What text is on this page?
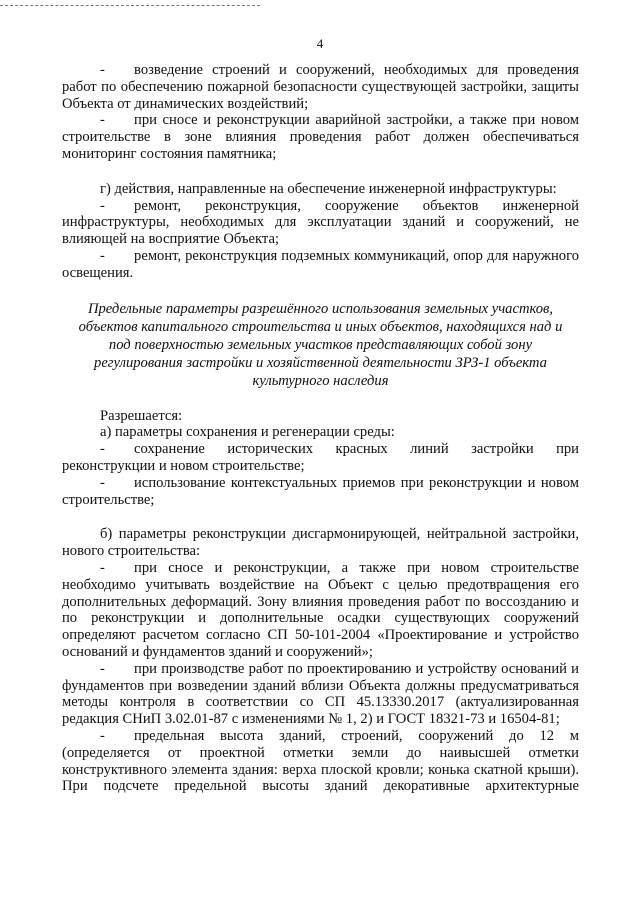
4

-  возведение строений и сооружений, необходимых для проведения работ по обеспечению пожарной безопасности существующей застройки, защиты Объекта от динамических воздействий;

-  при сносе и реконструкции аварийной застройки, а также при новом строительстве в зоне влияния проведения работ должен обеспечиваться мониторинг состояния памятника;

г) действия, направленные на обеспечение инженерной инфраструктуры:

-  ремонт, реконструкция, сооружение объектов инженерной инфраструктуры, необходимых для эксплуатации зданий и сооружений, не влияющей на восприятие Объекта;

-  ремонт, реконструкция подземных коммуникаций, опор для наружного освещения.

Предельные параметры разрешённого использования земельных участков, объектов капитального строительства и иных объектов, находящихся над и под поверхностью земельных участков представляющих собой зону регулирования застройки и хозяйственной деятельности ЗРЗ-1 объекта культурного наследия

Разрешается:

а) параметры сохранения и регенерации среды:

-  сохранение исторических красных линий застройки при реконструкции и новом строительстве;

-  использование контекстуальных приемов при реконструкции и новом строительстве;

б) параметры реконструкции дисгармонирующей, нейтральной застройки, нового строительства:

-  при сносе и реконструкции, а также при новом строительстве необходимо учитывать воздействие на Объект с целью предотвращения его дополнительных деформаций. Зону влияния проведения работ по воссозданию и по реконструкции и дополнительные осадки существующих сооружений определяют расчетом согласно СП 50-101-2004 «Проектирование и устройство оснований и фундаментов зданий и сооружений»;

-  при производстве работ по проектированию и устройству оснований и фундаментов при возведении зданий вблизи Объекта должны предусматриваться методы контроля в соответствии со СП 45.13330.2017 (актуализированная редакция СНиП 3.02.01-87 с изменениями № 1, 2) и ГОСТ 18321-73 и 16504-81;

-  предельная высота зданий, строений, сооружений до 12 м (определяется от проектной отметки земли до наивысшей отметки конструктивного элемента здания: верха плоской кровли; конька скатной крыши). При подсчете предельной высоты зданий декоративные архитектурные
